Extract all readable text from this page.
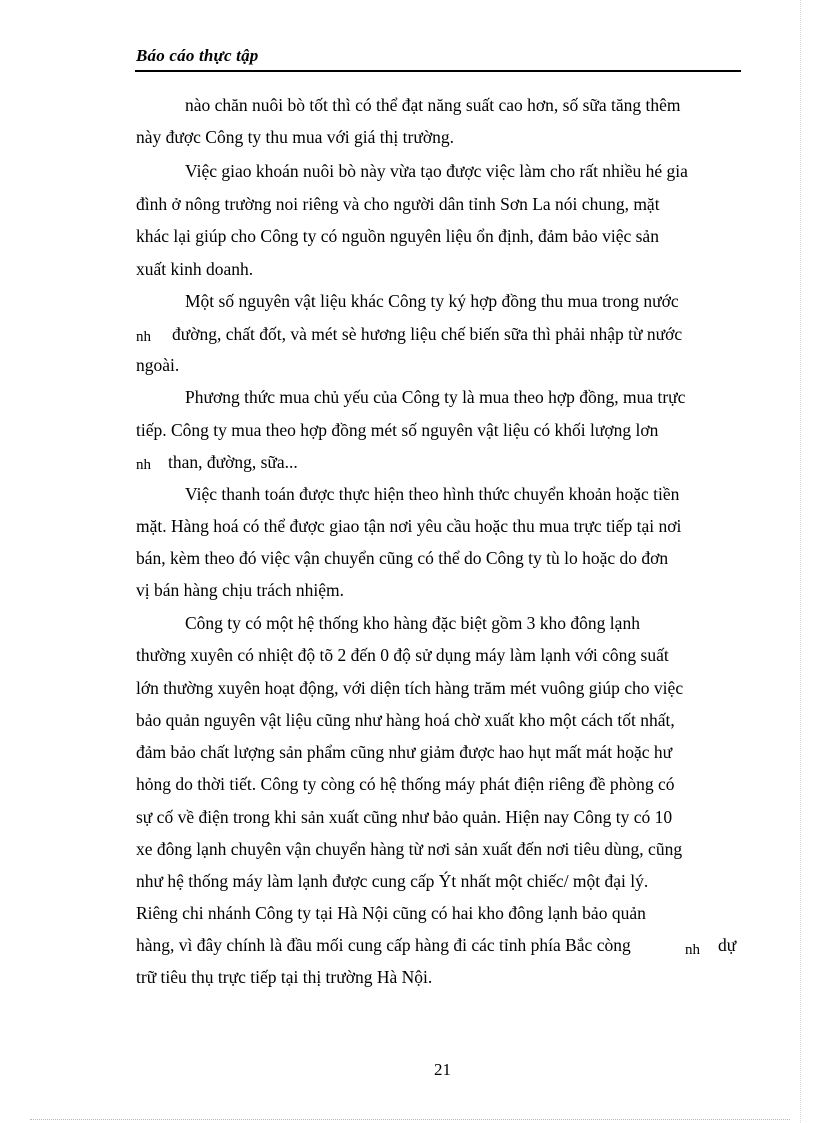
Báo cáo thực tập
nào chăn nuôi bò tốt thì có thể đạt năng suất cao hơn, số sữa tăng thêm
này được Công ty thu mua với giá thị trường.
Việc giao khoán nuôi bò này vừa tạo được việc làm cho rất nhiều hé gia
đình ở nông trường noi riêng và cho người dân tỉnh Sơn La nói chung, mặt
khác lại giúp cho Công ty có nguồn nguyên liệu ổn định, đảm bảo việc sản
xuất kinh doanh.
Một số nguyên vật liệu khác Công ty ký hợp đồng thu mua trong nước
nh đường, chất đốt, và mét sè hương liệu chế biến sữa thì phải nhập từ nước
ngoài.
Phương thức mua chủ yếu của Công ty là mua theo hợp đồng, mua trực
tiếp. Công ty mua theo hợp đồng mét số nguyên vật liệu có khối lượng lơn
nh than, đường, sữa...
Việc thanh toán được thực hiện theo hình thức chuyển khoản hoặc tiền
mặt. Hàng hoá có thể được giao tận nơi yêu cầu hoặc thu mua trực tiếp tại nơi
bán, kèm theo đó việc vận chuyển cũng có thể do Công ty tù lo hoặc do đơn
vị bán hàng chịu trách nhiệm.
Công ty có một hệ thống kho hàng đặc biệt gồm 3 kho đông lạnh
thường xuyên có nhiệt độ tõ 2 đến 0 độ sử dụng máy làm lạnh với công suất
lớn thường xuyên hoạt động, với diện tích hàng trăm mét vuông giúp cho việc
bảo quản nguyên vật liệu cũng như hàng hoá chờ xuất kho một cách tốt nhất,
đảm bảo chất lượng sản phẩm cũng như giảm được hao hụt mất mát hoặc hư
hỏng do thời tiết. Công ty còng có hệ thống máy phát điện riêng đề phòng có
sự cố về điện trong khi sản xuất cũng như bảo quản. Hiện nay Công ty có 10
xe đông lạnh chuyên vận chuyển hàng từ nơi sản xuất đến nơi tiêu dùng, cũng
như hệ thống máy làm lạnh được cung cấp Ýt nhất một chiếc/ một đại lý.
Riêng chi nhánh Công ty tại Hà Nội cũng có hai kho đông lạnh bảo quản
hàng, vì đây chính là đầu mối cung cấp hàng đi các tỉnh phía Bắc còng	nh dự
trữ tiêu thụ trực tiếp tại thị trường Hà Nội.
21
